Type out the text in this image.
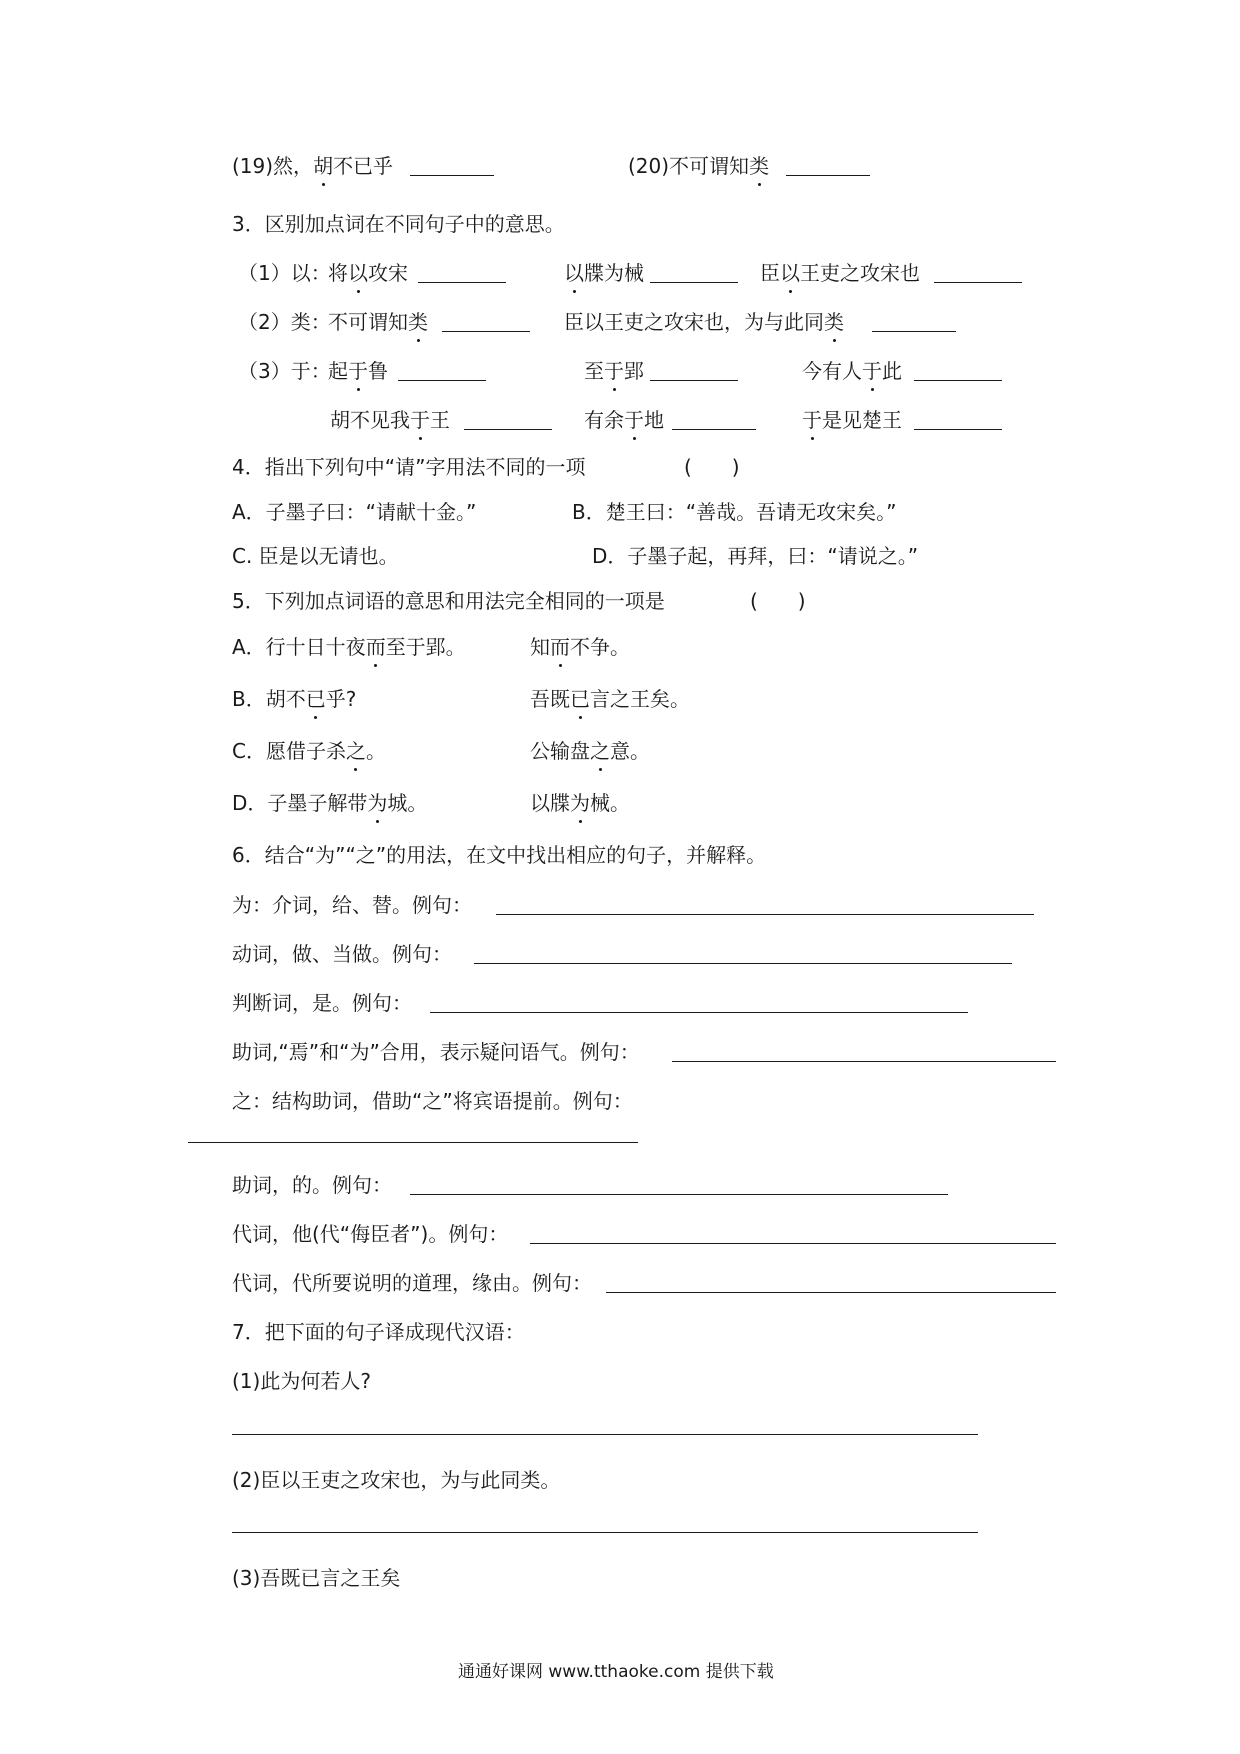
(19)然，胡不已乎	(20)不可谓知类
3．区别加点词在不同句子中的意思。
（1）以：
将以攻宋	以牒为械	臣以王吏之攻宋也
（2）类：
不可谓知类	臣以王吏之攻宋也，为与此同类
（3）于：
起于鲁	至于郢	今有人于此
胡不见我于王	有余于地	于是见楚王
4．指出下列句中“请”字用法不同的一项	(　　)
A．子墨子曰：“请献十金。”	B．楚王曰：“善哉。吾请无攻宋矣。”
C. 臣是以无请也。	D．子墨子起，再拜，曰：“请说之。”
5．下列加点词语的意思和用法完全相同的一项是	(　　)
A．行十日十夜而至于郢。	知而不争。
B．胡不已乎?	吾既已言之王矣。
C．愿借子杀之。	公输盘之意。
D．子墨子解带为城。	以牒为械。
6．结合“为”“之”的用法，在文中找出相应的句子，并解释。
为：介词，给、替。例句：
动词，做、当做。例句：
判断词，是。例句：
助词,“焉”和“为”合用，表示疑问语气。例句：
之：结构助词，借助“之”将宾语提前。例句：
助词，的。例句：
代词，他(代“侮臣者”)。例句：
代词，代所要说明的道理，缘由。例句：
7．把下面的句子译成现代汉语：
(1)此为何若人?
(2)臣以王吏之攻宋也，为与此同类。
(3)吾既已言之王矣
通通好课网 www.tthaoke.com 提供下载
